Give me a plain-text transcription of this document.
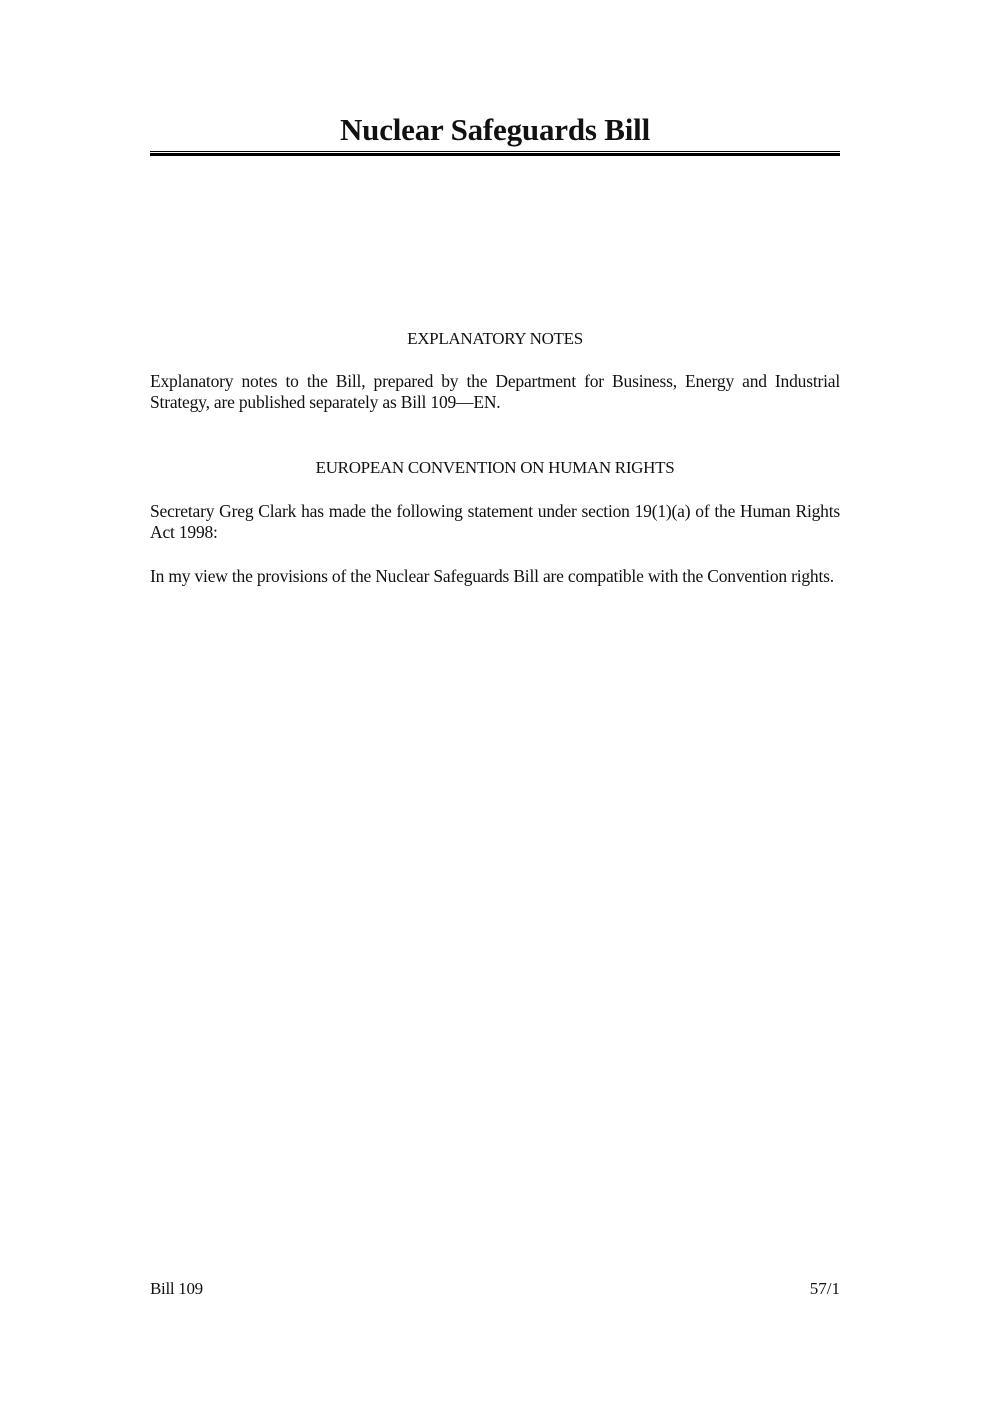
Nuclear Safeguards Bill
EXPLANATORY NOTES

Explanatory notes to the Bill, prepared by the Department for Business, Energy and Industrial Strategy, are published separately as Bill 109—EN.

EUROPEAN CONVENTION ON HUMAN RIGHTS

Secretary Greg Clark has made the following statement under section 19(1)(a) of the Human Rights Act 1998:

In my view the provisions of the Nuclear Safeguards Bill are compatible with the Convention rights.

Bill 109	57/1
